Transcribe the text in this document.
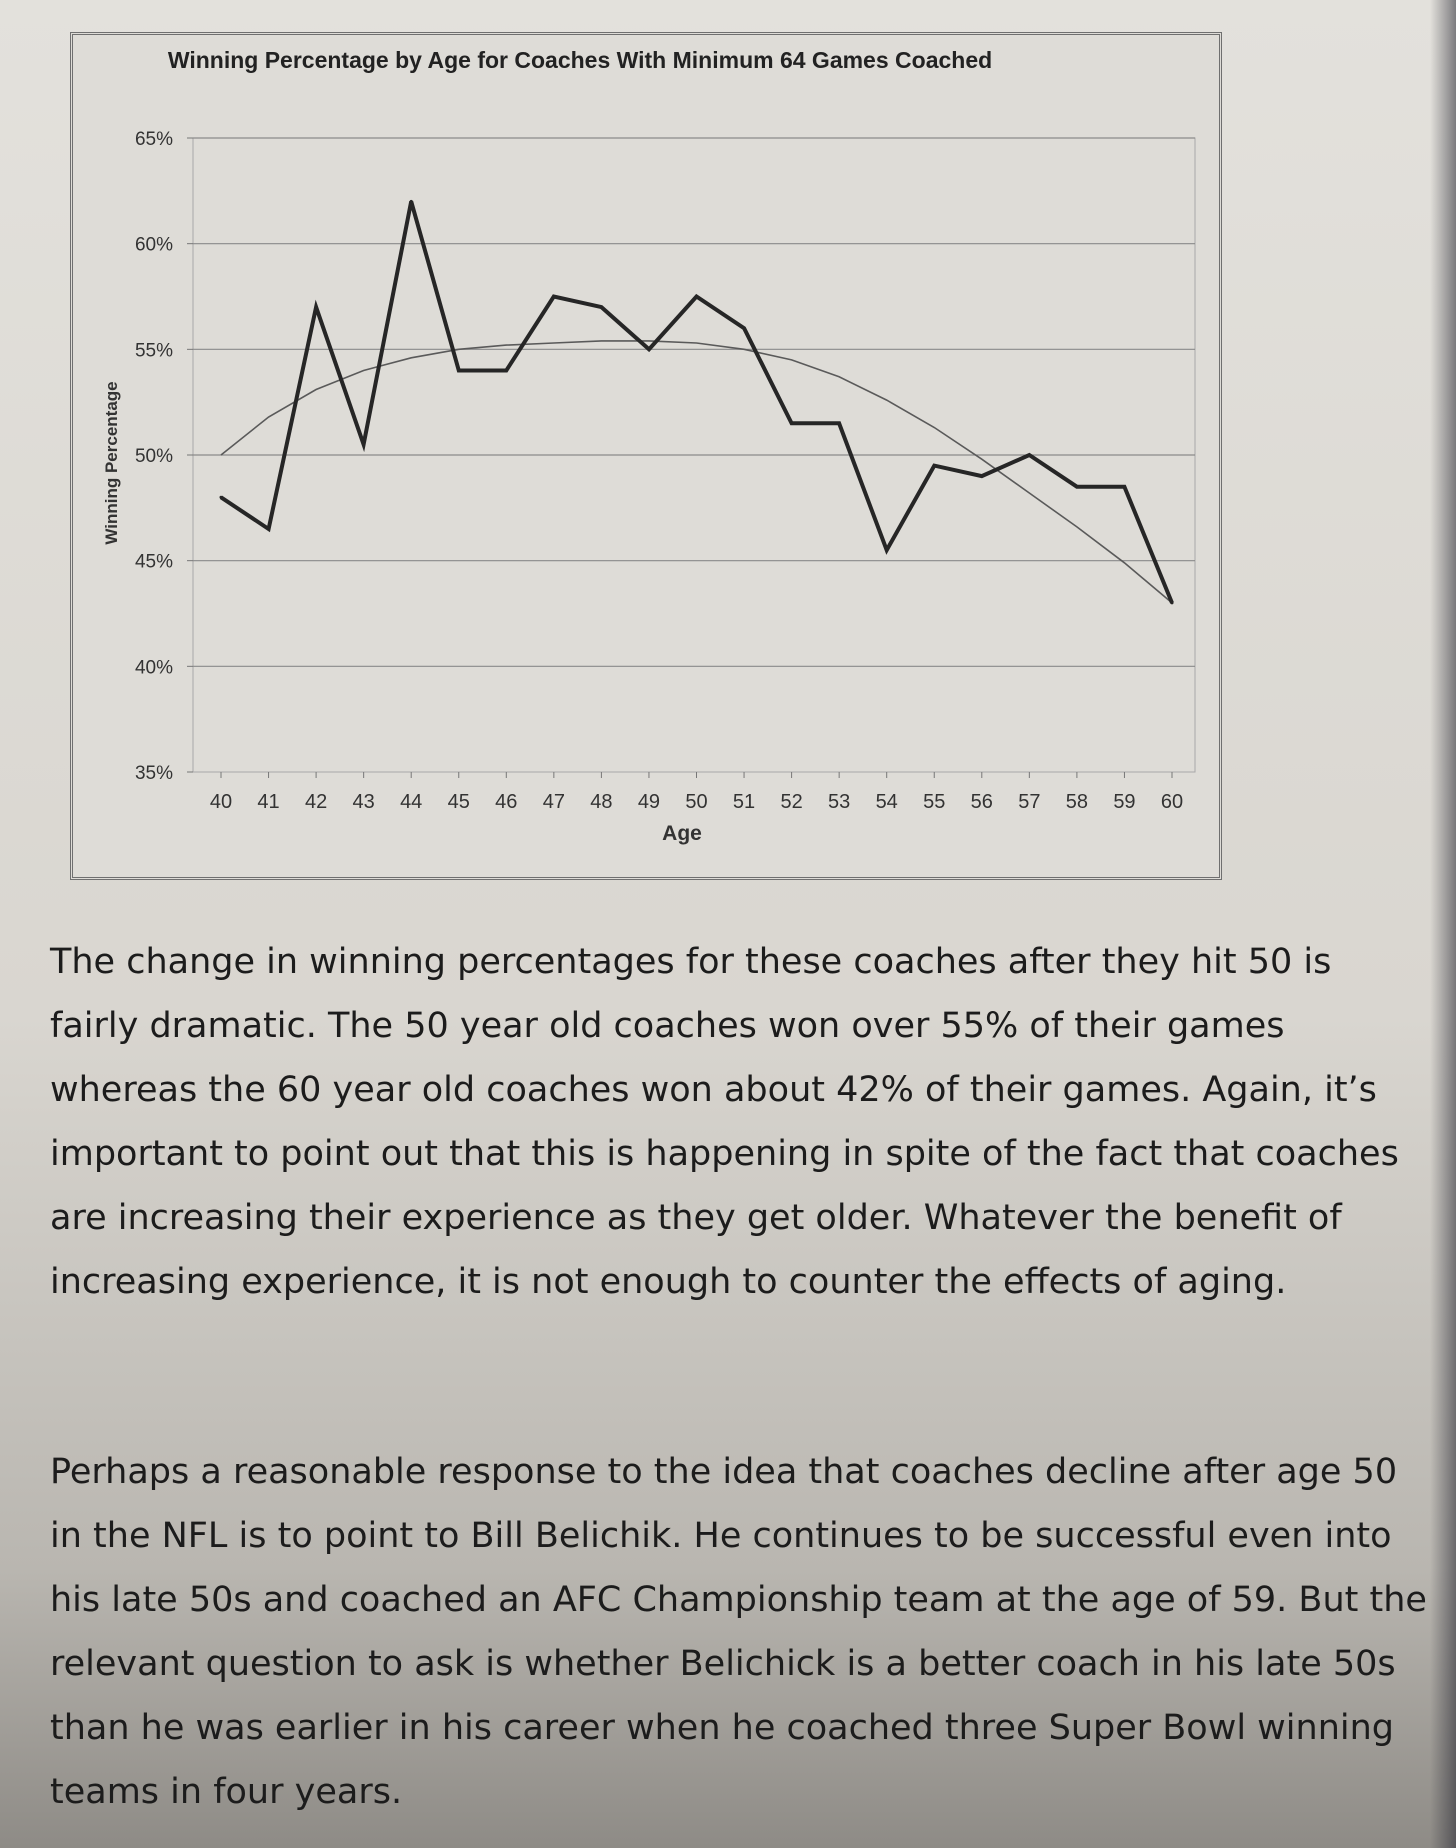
35%
40%
45%
50%
55%
60%
65%
40 41 42 43 44 45 46 47 48 49 50 51 52 53 54 55 56 57 58 59 60
Winning Percentage by Age for Coaches With Minimum 64 Games Coached
Winning Percentage
Age

The change in winning percentages for these coaches after they hit 50 is fairly dramatic. The 50 year old coaches won over 55% of their games whereas the 60 year old coaches won about 42% of their games. Again, it’s important to point out that this is happening in spite of the fact that coaches are increasing their experience as they get older. Whatever the benefit of increasing experience, it is not enough to counter the effects of aging.

Perhaps a reasonable response to the idea that coaches decline after age 50 in the NFL is to point to Bill Belichik. He continues to be successful even into his late 50s and coached an AFC Championship team at the age of 59. But the relevant question to ask is whether Belichick is a better coach in his late 50s than he was earlier in his career when he coached three Super Bowl winning teams in four years.
